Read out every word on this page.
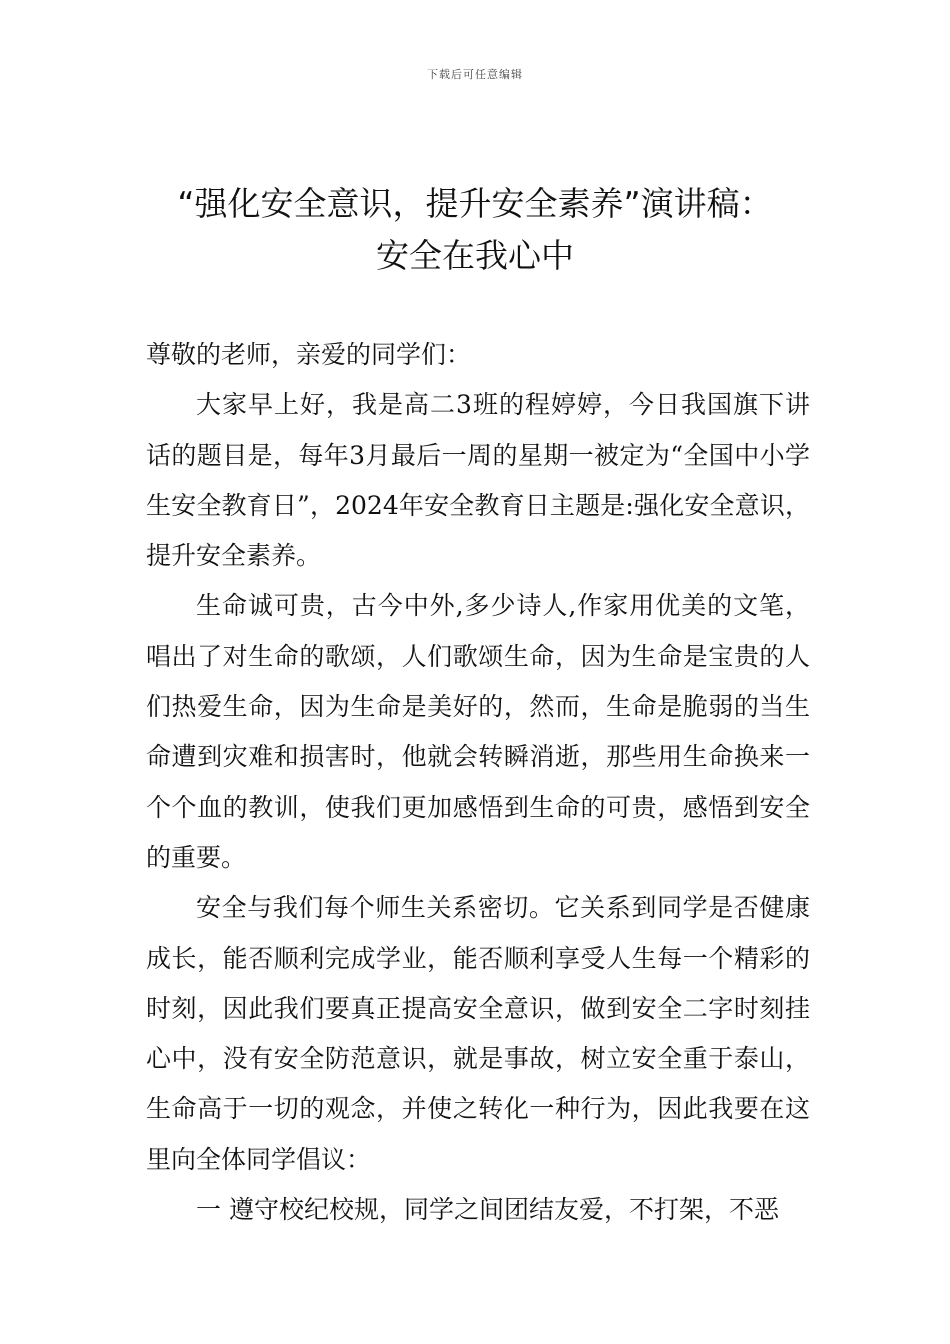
下载后可任意编辑
“强化安全意识，提升安全素养”演讲稿：
安全在我心中

尊敬的老师，亲爱的同学们：

大家早上好，我是高二3班的程婷婷，今日我国旗下讲话的题目是，每年3月最后一周的星期一被定为“全国中小学生安全教育日”，2024年安全教育日主题是:强化安全意识，提升安全素养。

生命诚可贵，古今中外,多少诗人,作家用优美的文笔，唱出了对生命的歌颂，人们歌颂生命，因为生命是宝贵的人们热爱生命，因为生命是美好的，然而，生命是脆弱的当生命遭到灾难和损害时，他就会转瞬消逝，那些用生命换来一个个血的教训，使我们更加感悟到生命的可贵，感悟到安全的重要。

安全与我们每个师生关系密切。它关系到同学是否健康成长，能否顺利完成学业，能否顺利享受人生每一个精彩的时刻，因此我们要真正提高安全意识，做到安全二字时刻挂心中，没有安全防范意识，就是事故，树立安全重于泰山，生命高于一切的观念，并使之转化一种行为，因此我要在这里向全体同学倡议：

一 遵守校纪校规，同学之间团结友爱，不打架，不恶
